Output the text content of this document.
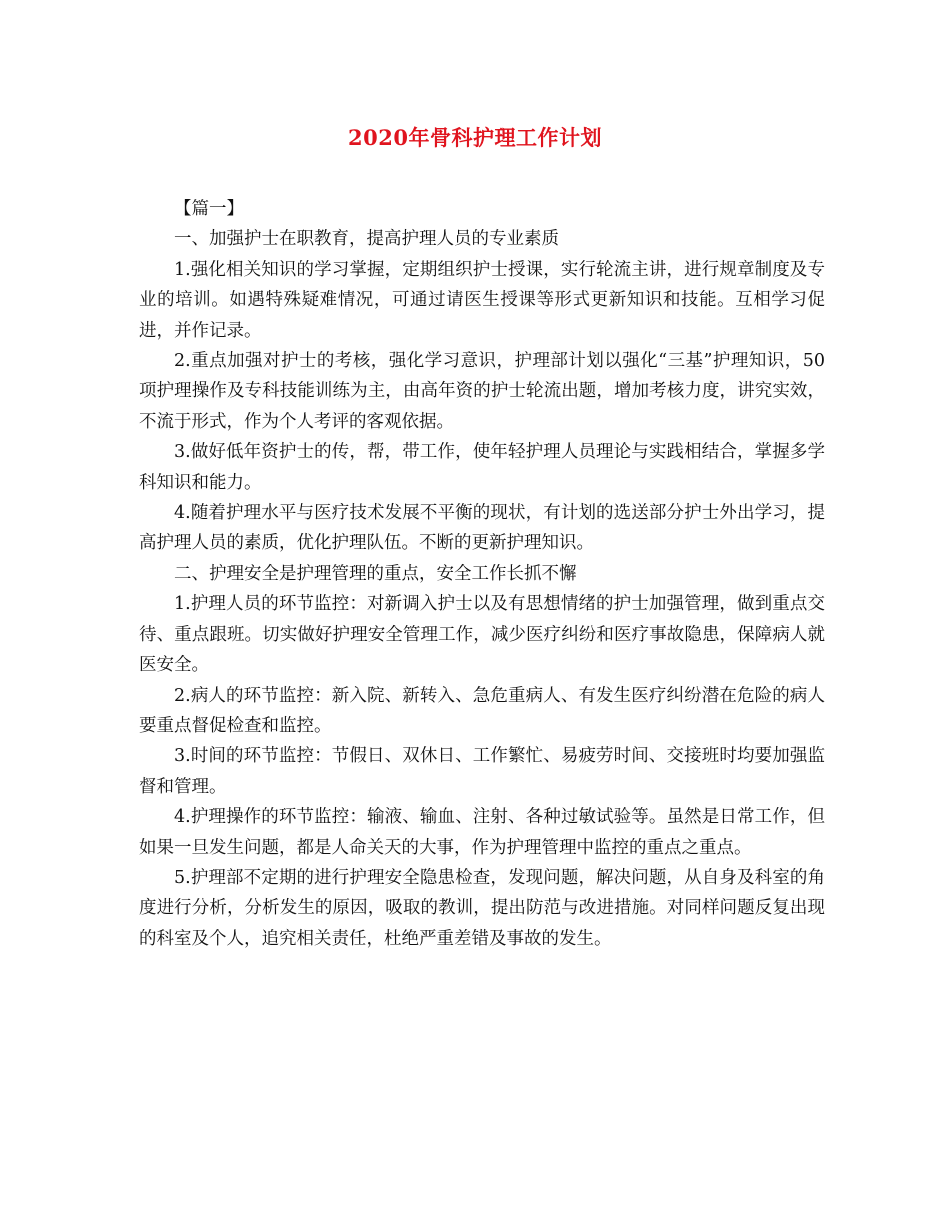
2020年骨科护理工作计划

【篇一】

一、加强护士在职教育，提高护理人员的专业素质

1.强化相关知识的学习掌握，定期组织护士授课，实行轮流主讲，进行规章制度及专业的培训。如遇特殊疑难情况，可通过请医生授课等形式更新知识和技能。互相学习促进，并作记录。

2.重点加强对护士的考核，强化学习意识，护理部计划以强化“三基”护理知识，50项护理操作及专科技能训练为主，由高年资的护士轮流出题，增加考核力度，讲究实效，不流于形式，作为个人考评的客观依据。

3.做好低年资护士的传，帮，带工作，使年轻护理人员理论与实践相结合，掌握多学科知识和能力。

4.随着护理水平与医疗技术发展不平衡的现状，有计划的选送部分护士外出学习，提高护理人员的素质，优化护理队伍。不断的更新护理知识。

二、护理安全是护理管理的重点，安全工作长抓不懈

1.护理人员的环节监控：对新调入护士以及有思想情绪的护士加强管理，做到重点交待、重点跟班。切实做好护理安全管理工作，减少医疗纠纷和医疗事故隐患，保障病人就医安全。

2.病人的环节监控：新入院、新转入、急危重病人、有发生医疗纠纷潜在危险的病人要重点督促检查和监控。

3.时间的环节监控：节假日、双休日、工作繁忙、易疲劳时间、交接班时均要加强监督和管理。

4.护理操作的环节监控：输液、输血、注射、各种过敏试验等。虽然是日常工作，但如果一旦发生问题，都是人命关天的大事，作为护理管理中监控的重点之重点。

5.护理部不定期的进行护理安全隐患检查，发现问题，解决问题，从自身及科室的角度进行分析，分析发生的原因，吸取的教训，提出防范与改进措施。对同样问题反复出现的科室及个人，追究相关责任，杜绝严重差错及事故的发生。
